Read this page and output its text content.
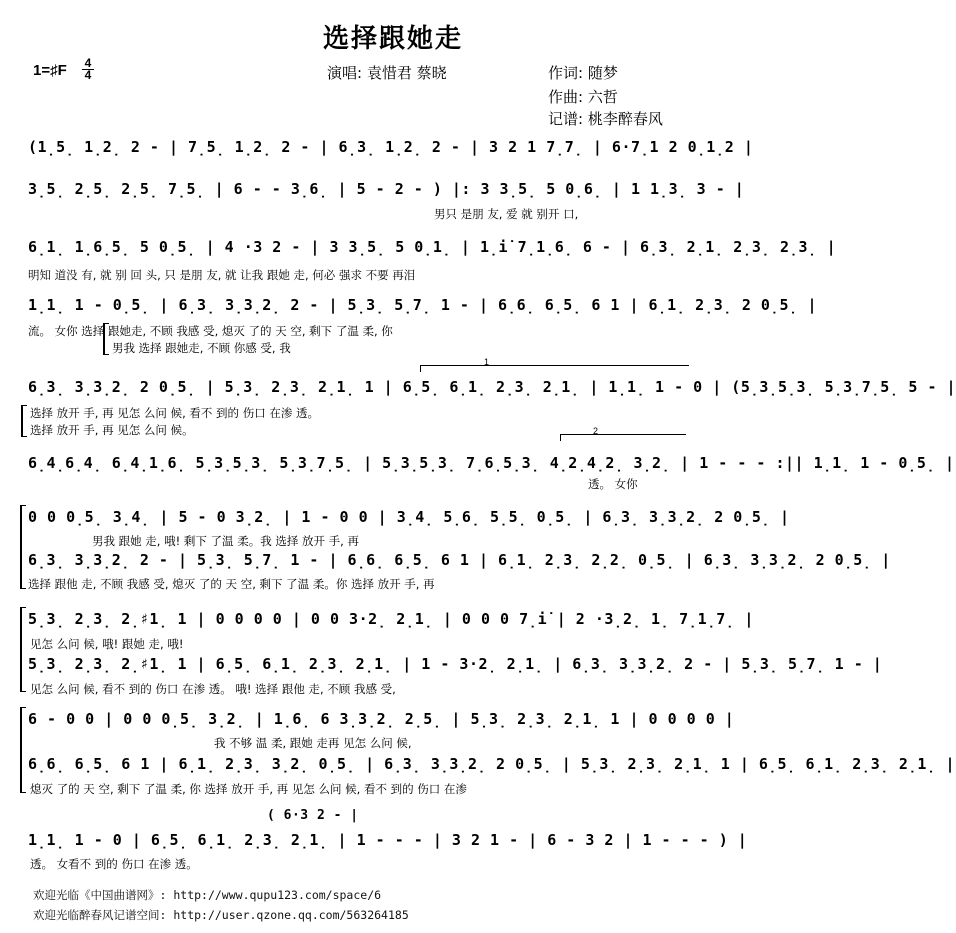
选择跟她走
1=♯F $\frac{4}{4}$	演唱: 袁惜君 蔡晓	作词: 随梦
作曲: 六哲
记谱: 桃李醉春风
(1̣5̣ 1̣2̣ 2 - | 7̣5̣ 1̣2̣ 2 - | 6̣3̣ 1̣2̣ 2 - | 3 2 1 7̣7̣ | 6·7̣1 2 0̣1̣2 |
3̣5̣ 2̣5̣ 2̣5̣ 7̣5̣ | 6 - - 3̣6̣ | 5 - 2 - ) |: 3 3̣5̣ 5 0̣6̣ | 1 1̣3̣ 3 - |
男只 是朋 友, 爱 就 别开 口,
6̣1̣ 1̣6̣5̣ 5 0̣5̣ | 4 ·3 2 - | 3 3̣5̣ 5 0̣1̣ | 1̣i̇ 7̣1̣6̣ 6 - | 6̣3̣ 2̣1̣ 2̣3̣ 2̣3̣ |
明知 道没 有, 就 别 回 头, 只 是朋 友, 就 让我 跟她 走, 何必 强求 不要 再泪
1̣1̣ 1 - 0̣5̣ | 6̣3̣ 3̣3̣2̣ 2 - | 5̣3̣ 5̣7̣ 1 - | 6̣6̣ 6̣5̣ 6 1 | 6̣1̣ 2̣3̣ 2 0̣5̣ |
流。 女你 选择 跟她走, 不顾 我感 受, 熄灭 了的 天 空, 剩下 了温 柔, 你
男我 选择 跟她走, 不顾 你感 受, 我
1
6̣3̣ 3̣3̣2̣ 2 0̣5̣ | 5̣3̣ 2̣3̣ 2̣1̣ 1 | 6̣5̣ 6̣1̣ 2̣3̣ 2̣1̣ | 1̣1̣ 1 - 0 | (5̣3̣5̣3̣ 5̣3̣7̣5̣ 5 - |
选择 放开 手, 再 见怎 么问 候, 看不 到的 伤口 在渗 透。
选择 放开 手, 再 见怎 么问 候。	2
6̣4̣6̣4̣ 6̣4̣1̣6̣ 5̣3̣5̣3̣ 5̣3̣7̣5̣ | 5̣3̣5̣3̣ 7̣6̣5̣3̣ 4̣2̣4̣2̣ 3̣2̣ | 1 - - - :|| 1̣1̣ 1 - 0̣5̣ |
透。 女你
0 0 0̣5̣ 3̣4̣ | 5 - 0 3̣2̣ | 1 - 0 0 | 3̣4̣ 5̣6̣ 5̣5̣ 0̣5̣ | 6̣3̣ 3̣3̣2̣ 2 0̣5̣ |
男我 跟她 走, 哦! 剩下 了温 柔。我 选择 放开 手, 再
6̣3̣ 3̣3̣2̣ 2 - | 5̣3̣ 5̣7̣ 1 - | 6̣6̣ 6̣5̣ 6 1 | 6̣1̣ 2̣3̣ 2̣2̣ 0̣5̣ | 6̣3̣ 3̣3̣2̣ 2 0̣5̣ |
选择 跟他 走, 不顾 我感 受, 熄灭 了的 天 空, 剩下 了温 柔。你 选择 放开 手, 再
5̣3̣ 2̣3̣ 2̣♯1̣ 1 | 0 0 0 0 | 0 0 3·2̣ 2̣1̣ | 0 0 0 7̣i̇ | 2 ·3̣2̣ 1̣ 7̣1̣7̣ |
见怎 么问 候, 哦! 跟她 走, 哦!
5̣3̣ 2̣3̣ 2̣♯1̣ 1 | 6̣5̣ 6̣1̣ 2̣3̣ 2̣1̣ | 1 - 3·2̣ 2̣1̣ | 6̣3̣ 3̣3̣2̣ 2 - | 5̣3̣ 5̣7̣ 1 - |
见怎 么问 候, 看不 到的 伤口 在渗 透。 哦! 选择 跟他 走, 不顾 我感 受,
6 - 0 0 | 0 0 0̣5̣ 3̣2̣ | 1̣6̣ 6 3̣3̣2̣ 2̣5̣ | 5̣3̣ 2̣3̣ 2̣1̣ 1 | 0 0 0 0 |
我 不够 温 柔, 跟她 走再 见怎 么问 候,
6̣6̣ 6̣5̣ 6 1 | 6̣1̣ 2̣3̣ 3̣2̣ 0̣5̣ | 6̣3̣ 3̣3̣2̣ 2 0̣5̣ | 5̣3̣ 2̣3̣ 2̣1̣ 1 | 6̣5̣ 6̣1̣ 2̣3̣ 2̣1̣ |
熄灭 了的 天 空, 剩下 了温 柔, 你 选择 放开 手, 再 见怎 么问 候, 看不 到的 伤口 在渗
( 6·3 2 - |
1̣1̣ 1 - 0 | 6̣5̣ 6̣1̣ 2̣3̣ 2̣1̣ | 1 - - - | 3 2 1 - | 6 - 3 2 | 1 - - - ) |
透。 女看不 到的 伤口 在渗 透。
欢迎光临《中国曲谱网》: http://www.qupu123.com/space/6
欢迎光临醉春风记谱空间: http://user.qzone.qq.com/563264185
